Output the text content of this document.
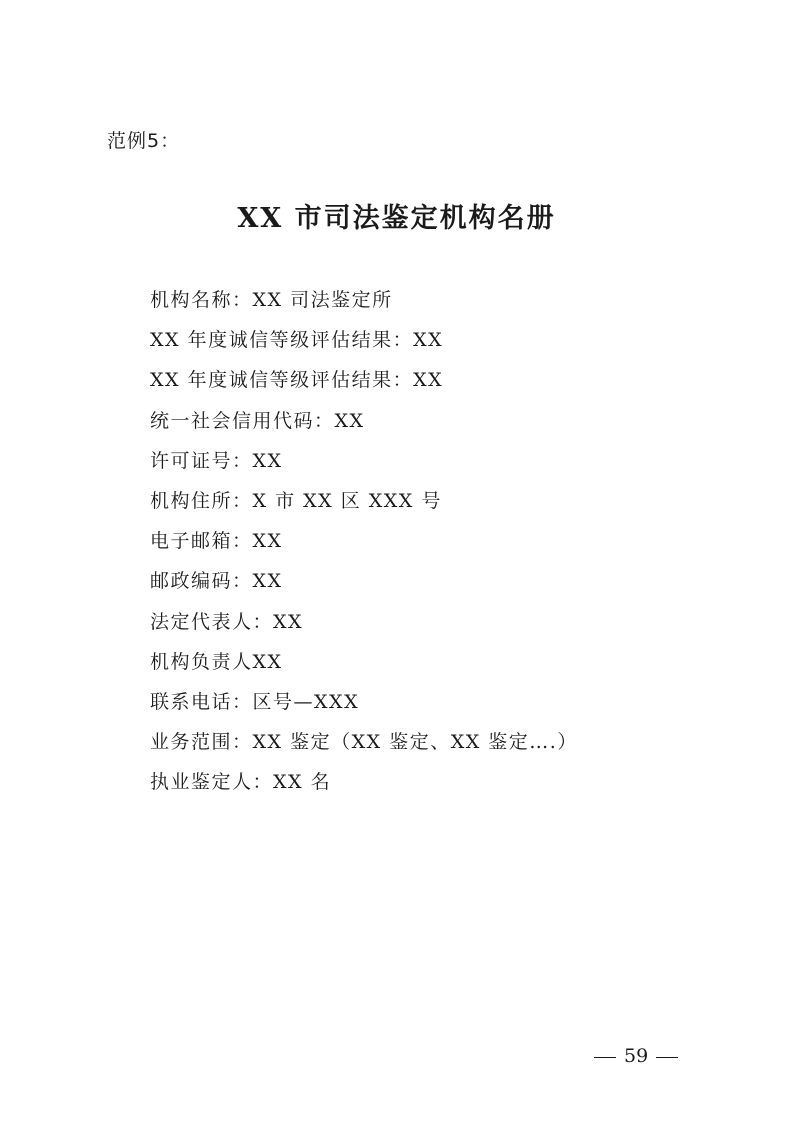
范例5：
XX 市司法鉴定机构名册
机构名称：XX 司法鉴定所
XX 年度诚信等级评估结果：XX
XX 年度诚信等级评估结果：XX
统一社会信用代码：XX
许可证号：XX
机构住所：X 市 XX 区 XXX 号
电子邮箱：XX
邮政编码：XX
法定代表人：XX
机构负责人XX
联系电话：区号—XXX
业务范围：XX 鉴定（XX 鉴定、XX 鉴定….）
执业鉴定人：XX 名
59
